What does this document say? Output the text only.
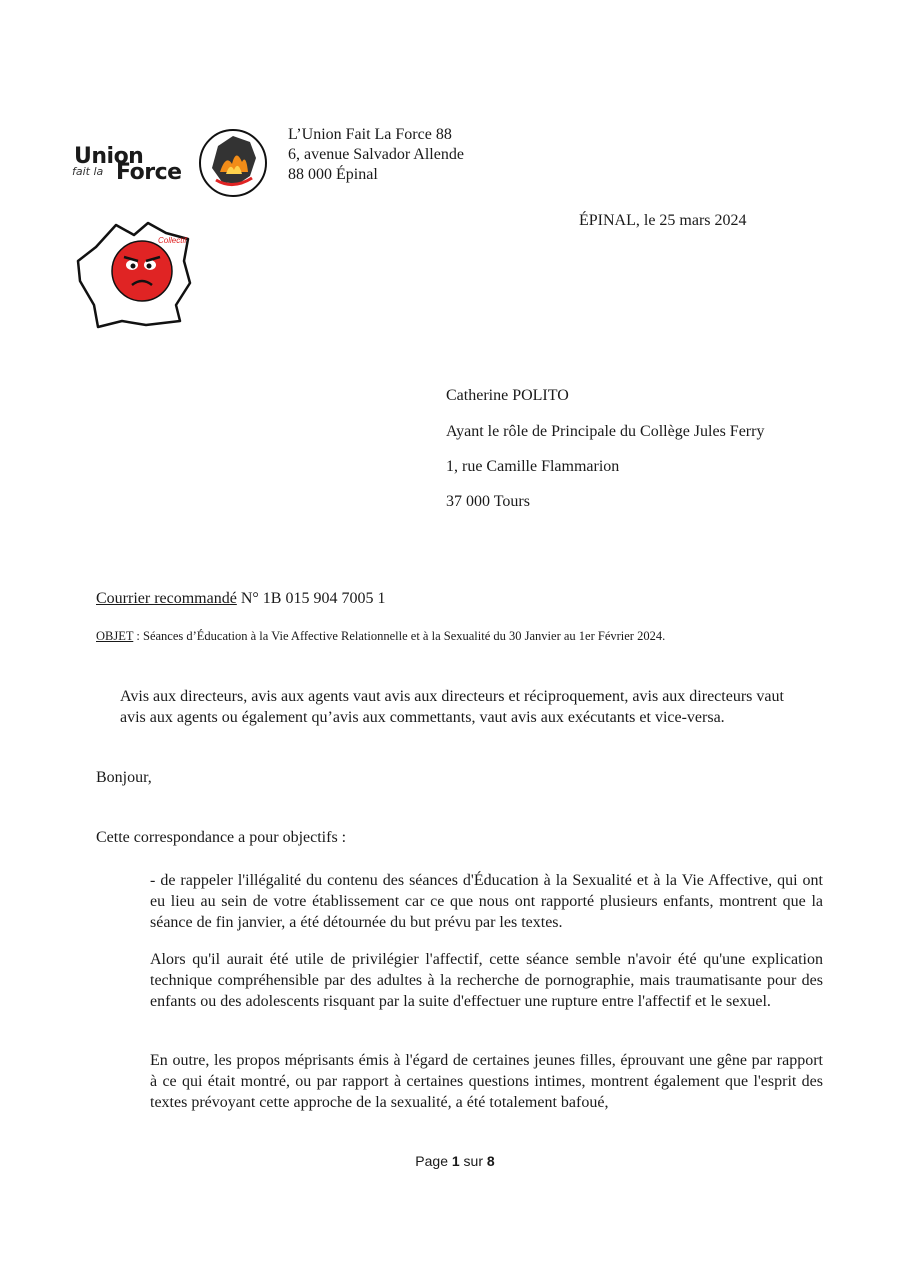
Union
fait la Force
Collectif
L’Union Fait La Force 88
6, avenue Salvador Allende
88 000 Épinal
ÉPINAL, le 25 mars 2024
Catherine POLITO
Ayant le rôle de Principale du Collège Jules Ferry
1, rue Camille Flammarion
37 000 Tours
Courrier recommandé N° 1B 015 904 7005 1
OBJET : Séances d’Éducation à la Vie Affective Relationnelle et à la Sexualité du 30 Janvier au 1er Février 2024.
Avis aux directeurs, avis aux agents vaut avis aux directeurs et réciproquement, avis aux directeurs vaut avis aux agents ou également qu’avis aux commettants, vaut avis aux exécutants et vice-versa.
Bonjour,
Cette correspondance a pour objectifs :
- de rappeler l'illégalité du contenu des séances d'Éducation à la Sexualité et à la Vie Affective, qui ont eu lieu au sein de votre établissement car ce que nous ont rapporté plusieurs enfants, montrent que la séance de fin janvier, a été détournée du but prévu par les textes.
Alors qu'il aurait été utile de privilégier l'affectif, cette séance semble n'avoir été qu'une explication technique compréhensible par des adultes à la recherche de pornographie, mais traumatisante pour des enfants ou des adolescents risquant par la suite d'effectuer une rupture entre l'affectif et le sexuel.
En outre, les propos méprisants émis à l'égard de certaines jeunes filles, éprouvant une gêne par rapport à ce qui était montré, ou par rapport à certaines questions intimes, montrent également que l'esprit des textes prévoyant cette approche de la sexualité, a été totalement bafoué,
Page 1 sur 8
